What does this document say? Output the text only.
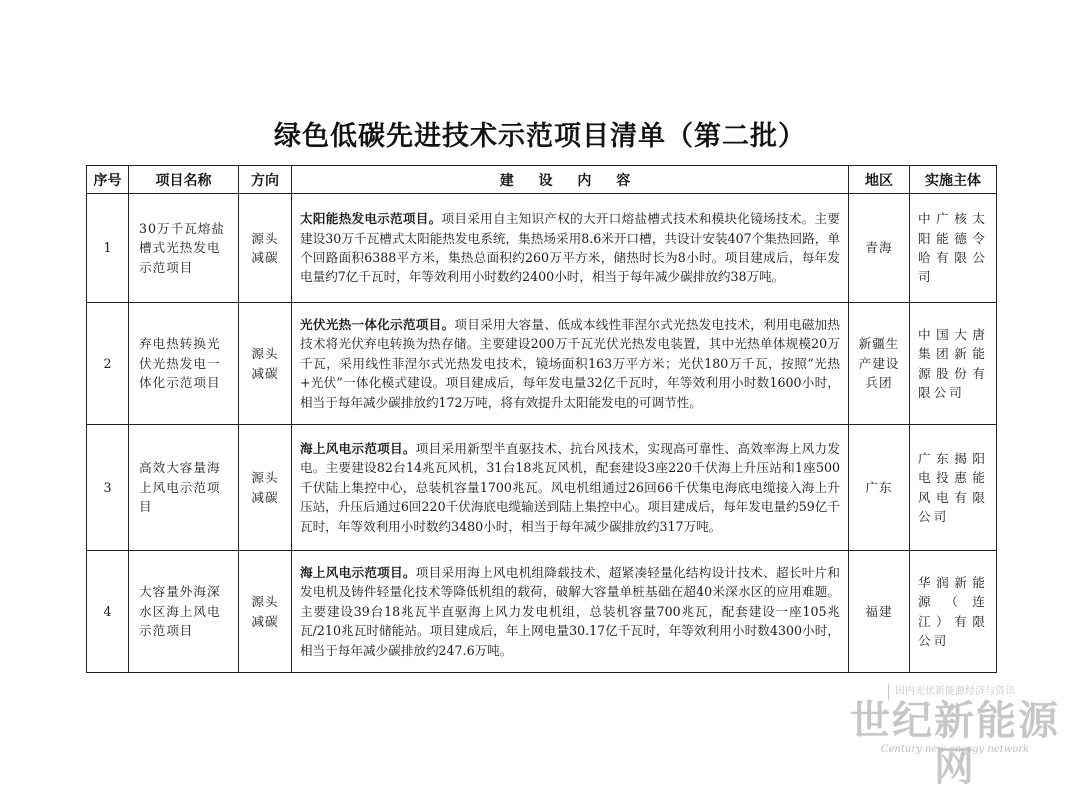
绿色低碳先进技术示范项目清单（第二批）
序号	项目名称	方向	建 设 内 容	地区	实施主体
1	30万千瓦熔盐槽式光热发电示范项目	源头减碳	太阳能热发电示范项目。项目采用自主知识产权的大开口熔盐槽式技术和模块化镜场技术。主要建设30万千瓦槽式太阳能热发电系统，集热场采用8.6米开口槽，共设计安装407个集热回路，单个回路面积6388平方米，集热总面积约260万平方米，储热时长为8小时。项目建成后，每年发电量约7亿千瓦时，年等效利用小时数约2400小时，相当于每年减少碳排放约38万吨。	青海	中广核太阳能德令哈有限公司
2	弃电热转换光伏光热发电一体化示范项目	源头减碳	光伏光热一体化示范项目。项目采用大容量、低成本线性菲涅尔式光热发电技术，利用电磁加热技术将光伏弃电转换为热存储。主要建设200万千瓦光伏光热发电装置，其中光热单体规模20万千瓦，采用线性菲涅尔式光热发电技术，镜场面积163万平方米；光伏180万千瓦，按照“光热+光伏”一体化模式建设。项目建成后，每年发电量32亿千瓦时，年等效利用小时数1600小时，相当于每年减少碳排放约172万吨，将有效提升太阳能发电的可调节性。	新疆生产建设兵团	中国大唐集团新能源股份有限公司
3	高效大容量海上风电示范项目	源头减碳	海上风电示范项目。项目采用新型半直驱技术、抗台风技术，实现高可靠性、高效率海上风力发电。主要建设82台14兆瓦风机，31台18兆瓦风机，配套建设3座220千伏海上升压站和1座500千伏陆上集控中心，总装机容量1700兆瓦。风电机组通过26回66千伏集电海底电缆接入海上升压站，升压后通过6回220千伏海底电缆输送到陆上集控中心。项目建成后，每年发电量约59亿千瓦时，年等效利用小时数约3480小时，相当于每年减少碳排放约317万吨。	广东	广东揭阳电投惠能风电有限公司
4	大容量外海深水区海上风电示范项目	源头减碳	海上风电示范项目。项目采用海上风电机组降载技术、超紧凑轻量化结构设计技术、超长叶片和发电机及铸件轻量化技术等降低机组的载荷，破解大容量单桩基础在超40米深水区的应用难题。主要建设39台18兆瓦半直驱海上风力发电机组，总装机容量700兆瓦，配套建设一座105兆瓦/210兆瓦时储能站。项目建成后，年上网电量30.17亿千瓦时，年等效利用小时数4300小时，相当于每年减少碳排放约247.6万吨。	福建	华润新能源（连江）有限公司
国内光伏新能源经济与资讯
世纪新能源网
Century new energy network
